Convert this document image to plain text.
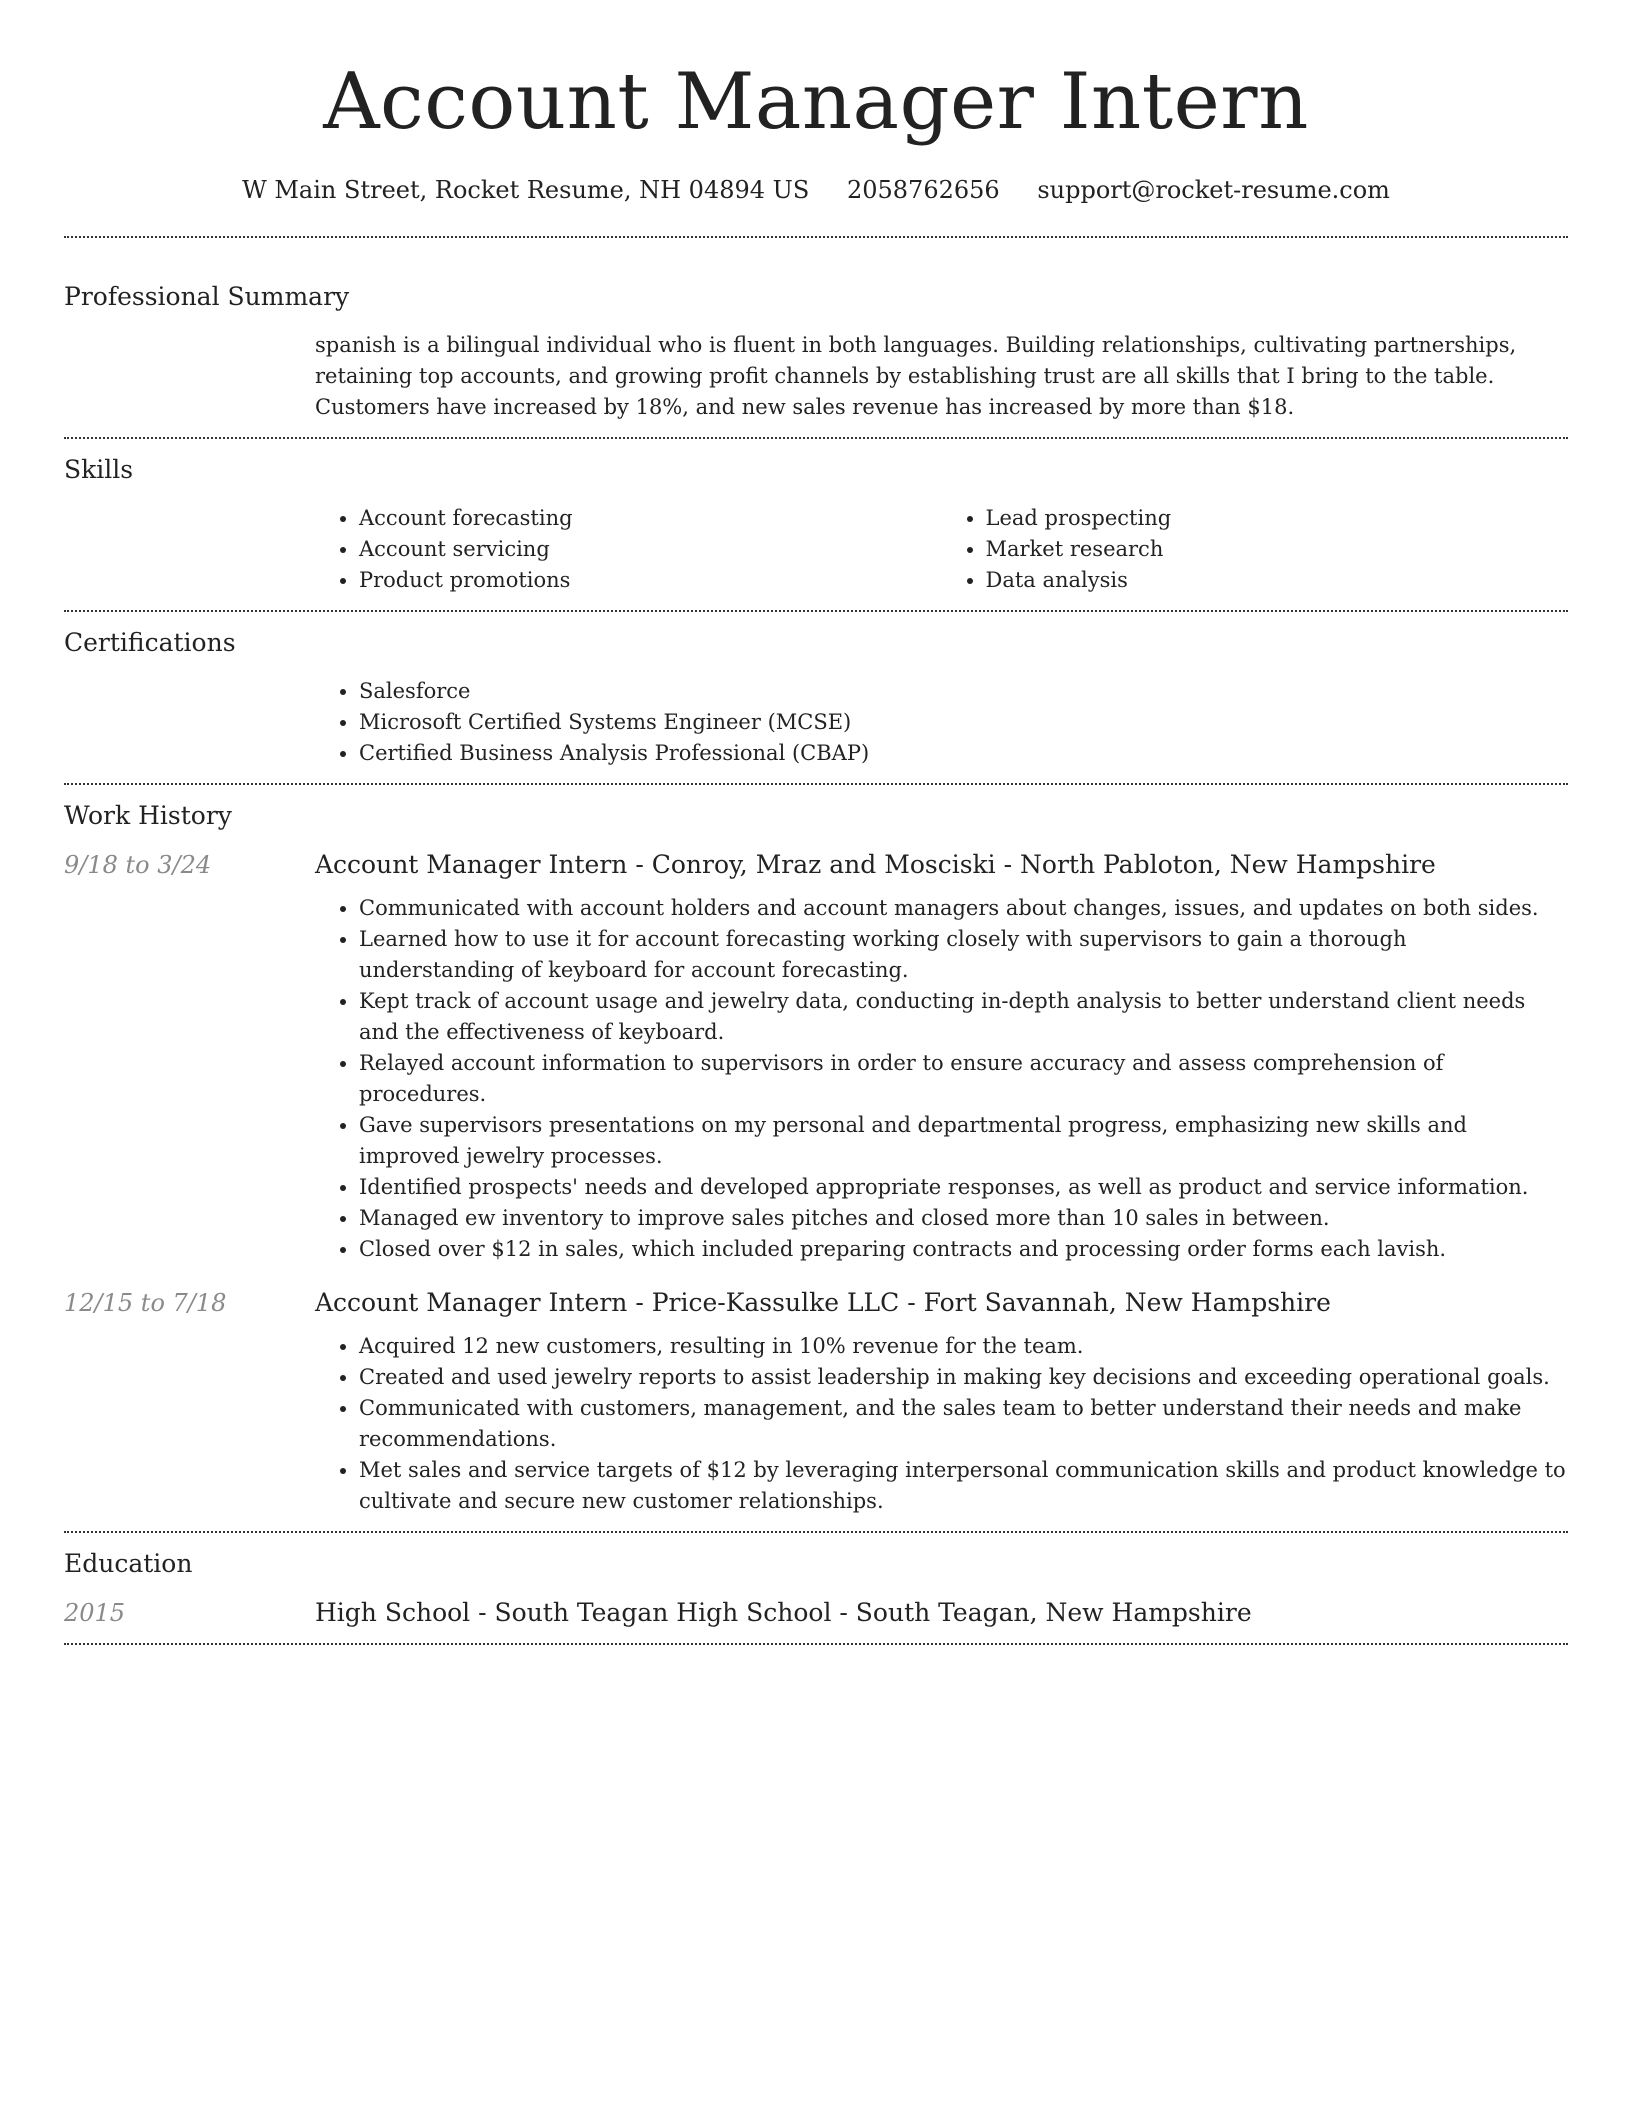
Account Manager Intern
W Main Street, Rocket Resume, NH 04894 US 2058762656 support@rocket-resume.com
Professional Summary

spanish is a bilingual individual who is fluent in both languages. Building relationships, cultivating partnerships, retaining top accounts, and growing profit channels by establishing trust are all skills that I bring to the table. Customers have increased by 18%, and new sales revenue has increased by more than $18.

Skills
• Account forecasting
• Account servicing
• Product promotions
• Lead prospecting
• Market research
• Data analysis
Certifications
• Salesforce
• Microsoft Certified Systems Engineer (MCSE)
• Certified Business Analysis Professional (CBAP)
Work History
9/18 to 3/24	Account Manager Intern - Conroy, Mraz and Mosciski - North Pabloton, New Hampshire
• Communicated with account holders and account managers about changes, issues, and updates on both sides.
• Learned how to use it for account forecasting working closely with supervisors to gain a thorough understanding of keyboard for account forecasting.
• Kept track of account usage and jewelry data, conducting in-depth analysis to better understand client needs and the effectiveness of keyboard.
• Relayed account information to supervisors in order to ensure accuracy and assess comprehension of procedures.
• Gave supervisors presentations on my personal and departmental progress, emphasizing new skills and improved jewelry processes.
• Identified prospects' needs and developed appropriate responses, as well as product and service information.
• Managed ew inventory to improve sales pitches and closed more than 10 sales in between.
• Closed over $12 in sales, which included preparing contracts and processing order forms each lavish.
12/15 to 7/18	Account Manager Intern - Price-Kassulke LLC - Fort Savannah, New Hampshire
• Acquired 12 new customers, resulting in 10% revenue for the team.
• Created and used jewelry reports to assist leadership in making key decisions and exceeding operational goals.
• Communicated with customers, management, and the sales team to better understand their needs and make recommendations.
• Met sales and service targets of $12 by leveraging interpersonal communication skills and product knowledge to cultivate and secure new customer relationships.
Education
2015	High School - South Teagan High School - South Teagan, New Hampshire
